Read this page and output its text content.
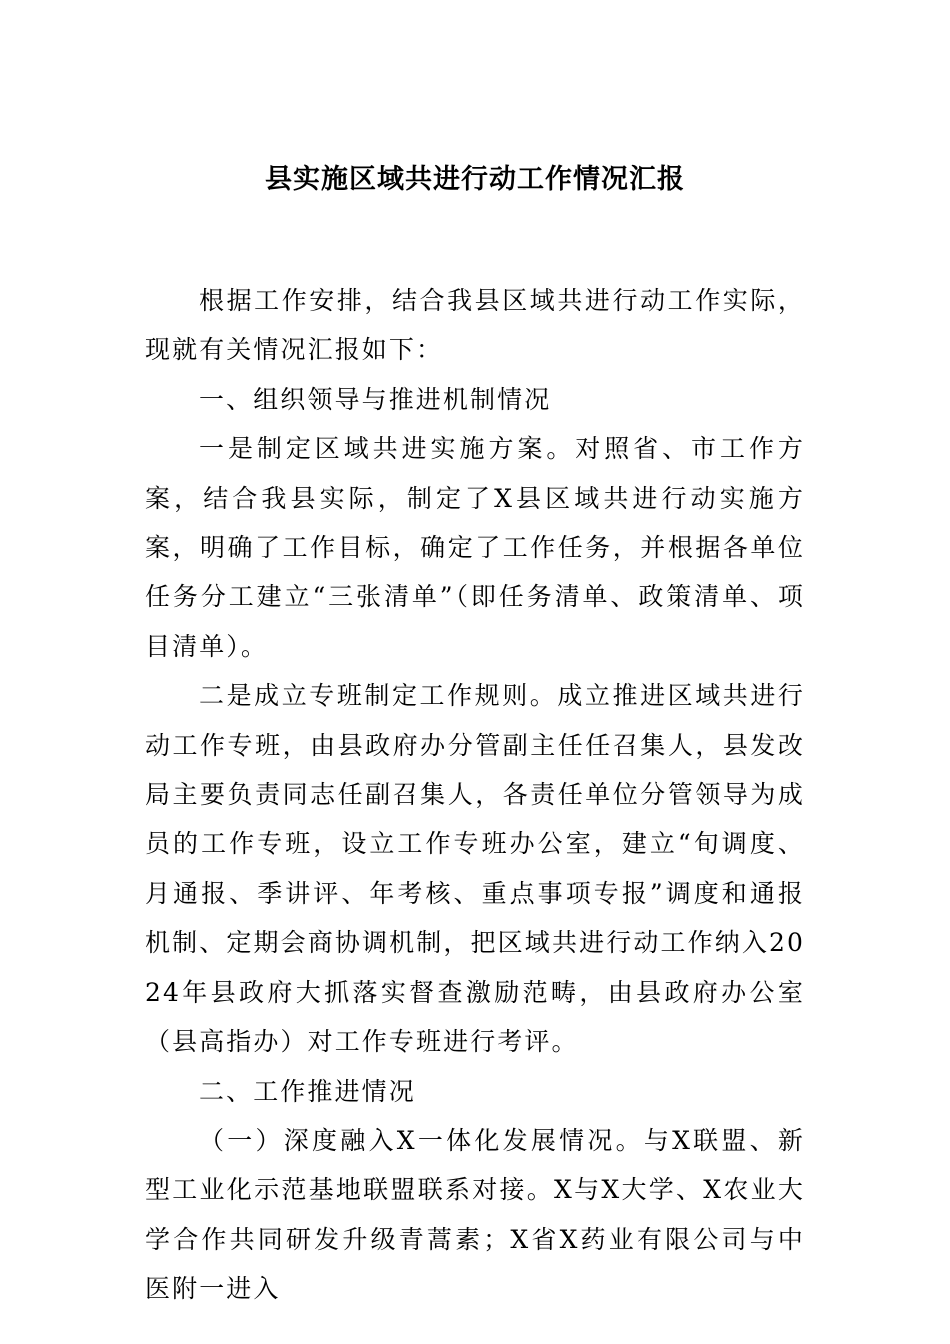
县实施区域共进行动工作情况汇报

根据工作安排，结合我县区域共进行动工作实际，现就有关情况汇报如下：

一、组织领导与推进机制情况

一是制定区域共进实施方案。对照省、市工作方案，结合我县实际，制定了X县区域共进行动实施方案，明确了工作目标，确定了工作任务，并根据各单位任务分工建立“三张清单”（即任务清单、政策清单、项目清单）。

二是成立专班制定工作规则。成立推进区域共进行动工作专班，由县政府办分管副主任任召集人，县发改局主要负责同志任副召集人，各责任单位分管领导为成员的工作专班，设立工作专班办公室，建立“旬调度、月通报、季讲评、年考核、重点事项专报”调度和通报机制、定期会商协调机制，把区域共进行动工作纳入2024年县政府大抓落实督查激励范畴，由县政府办公室（县高指办）对工作专班进行考评。

二、工作推进情况

（一）深度融入X一体化发展情况。与X联盟、新型工业化示范基地联盟联系对接。X与X大学、X农业大学合作共同研发升级青蒿素；X省X药业有限公司与中医附一进入
